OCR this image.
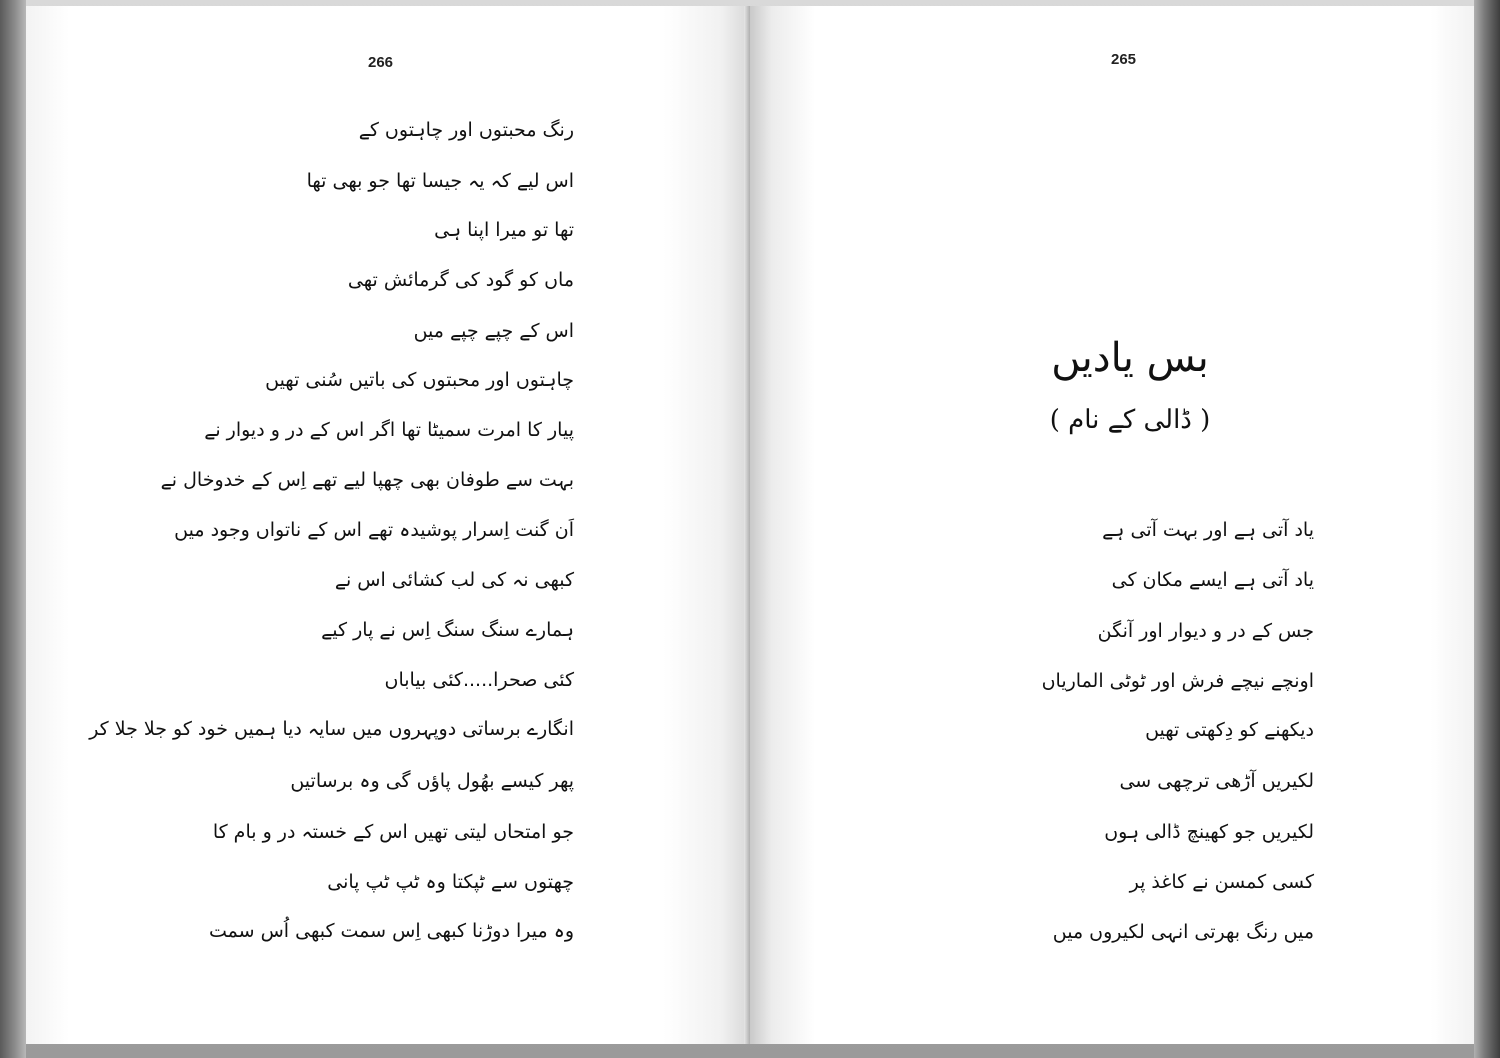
266
رنگ محبتوں اور چاہتوں کے
اس لیے کہ یہ جیسا تھا جو بھی تھا
تھا تو میرا اپنا ہی
ماں کو گود کی گرمائش تھی
اس کے چپے چپے میں
چاہتوں اور محبتوں کی باتیں سُنی تھیں
پیار کا امرت سمیٹا تھا اگر اس کے در و دیوار نے
بہت سے طوفان بھی چھپا لیے تھے اِس کے خدوخال نے
اَن گنت اِسرار پوشیدہ تھے اس کے ناتواں وجود میں
کبھی نہ کی لب کشائی اس نے
ہمارے سنگ سنگ اِس نے پار کیے
کئی صحرا.....کئی بیاباں
انگارے برساتی دوپہروں میں سایہ دیا ہمیں خود کو جلا جلا کر
پھر کیسے بھُول پاؤں گی وہ برساتیں
جو امتحاں لیتی تھیں اس کے خستہ در و بام کا
چھتوں سے ٹپکتا وہ ٹپ ٹپ پانی
وہ میرا دوڑنا کبھی اِس سمت کبھی اُس سمت
265
بس یادیں
( ڈالی کے نام )
یاد آتی ہے اور بہت آتی ہے
یاد آتی ہے ایسے مکان کی
جس کے در و دیوار اور آنگن
اونچے نیچے فرش اور ٹوٹی الماریاں
دیکھنے کو دِکھتی تھیں
لکیریں آڑھی ترچھی سی
لکیریں جو کھینچ ڈالی ہوں
کسی کمسن نے کاغذ پر
میں رنگ بھرتی انہی لکیروں میں
